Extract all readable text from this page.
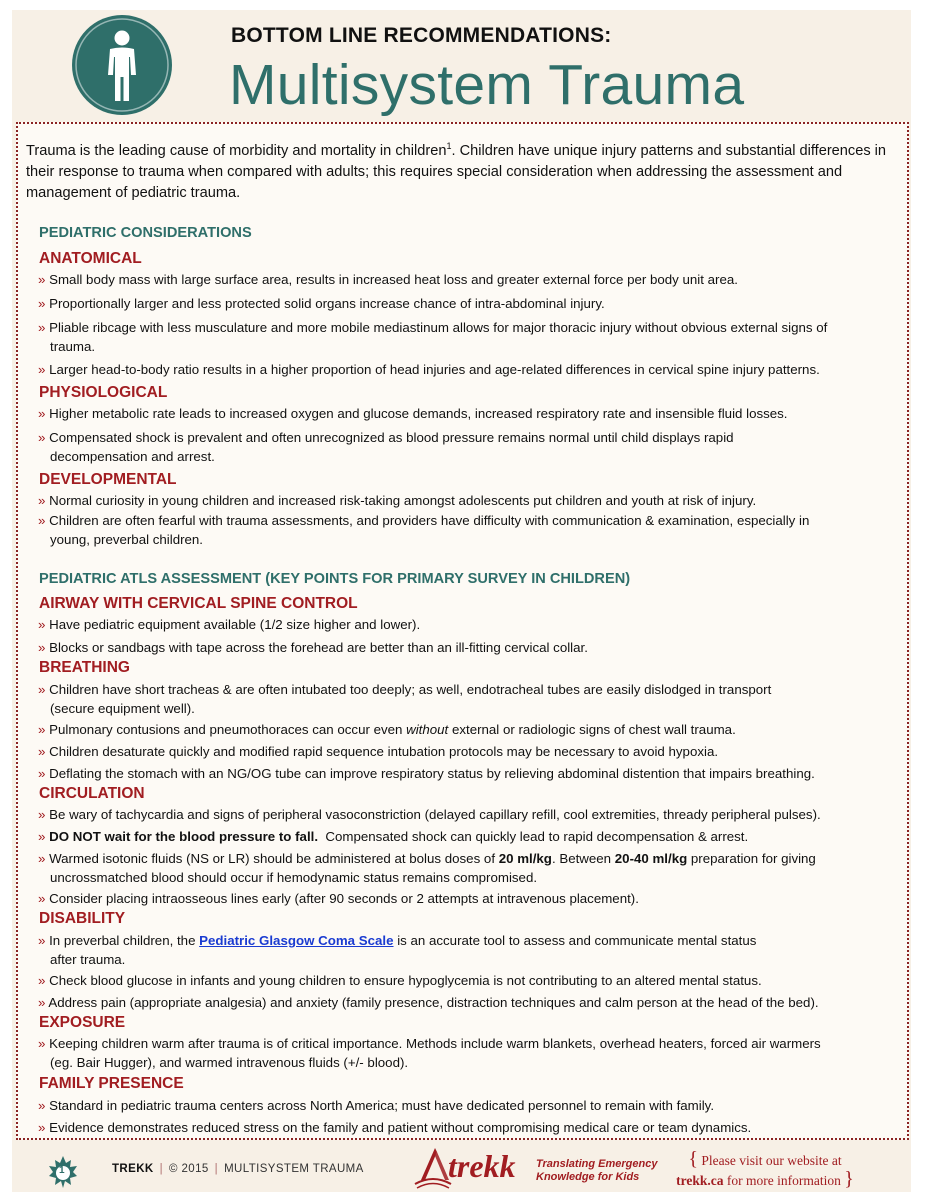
BOTTOM LINE RECOMMENDATIONS:
Multisystem Trauma
Trauma is the leading cause of morbidity and mortality in children$^1$. Children have unique injury patterns and substantial differences in their response to trauma when compared with adults; this requires special consideration when addressing the assessment and management of pediatric trauma.
PEDIATRIC CONSIDERATIONS
ANATOMICAL
» Small body mass with large surface area, results in increased heat loss and greater external force per body unit area.
» Proportionally larger and less protected solid organs increase chance of intra-abdominal injury.
» Pliable ribcage with less musculature and more mobile mediastinum allows for major thoracic injury without obvious external signs of
trauma.
» Larger head-to-body ratio results in a higher proportion of head injuries and age-related differences in cervical spine injury patterns.
PHYSIOLOGICAL
» Higher metabolic rate leads to increased oxygen and glucose demands, increased respiratory rate and insensible fluid losses.
» Compensated shock is prevalent and often unrecognized as blood pressure remains normal until child displays rapid
decompensation and arrest.
DEVELOPMENTAL
» Normal curiosity in young children and increased risk-taking amongst adolescents put children and youth at risk of injury.
» Children are often fearful with trauma assessments, and providers have difficulty with communication & examination, especially in
young, preverbal children.
PEDIATRIC ATLS ASSESSMENT (KEY POINTS FOR PRIMARY SURVEY IN CHILDREN)
AIRWAY WITH CERVICAL SPINE CONTROL
» Have pediatric equipment available (1/2 size higher and lower).
» Blocks or sandbags with tape across the forehead are better than an ill-fitting cervical collar.
BREATHING
» Children have short tracheas & are often intubated too deeply; as well, endotracheal tubes are easily dislodged in transport
(secure equipment well).
» Pulmonary contusions and pneumothoraces can occur even without external or radiologic signs of chest wall trauma.
» Children desaturate quickly and modified rapid sequence intubation protocols may be necessary to avoid hypoxia.
» Deflating the stomach with an NG/OG tube can improve respiratory status by relieving abdominal distention that impairs breathing.
CIRCULATION
» Be wary of tachycardia and signs of peripheral vasoconstriction (delayed capillary refill, cool extremities, thready peripheral pulses).
» DO NOT wait for the blood pressure to fall.  Compensated shock can quickly lead to rapid decompensation & arrest.
» Warmed isotonic fluids (NS or LR) should be administered at bolus doses of 20 ml/kg. Between 20-40 ml/kg preparation for giving
uncrossmatched blood should occur if hemodynamic status remains compromised.
» Consider placing intraosseous lines early (after 90 seconds or 2 attempts at intravenous placement).
DISABILITY
» In preverbal children, the Pediatric Glasgow Coma Scale is an accurate tool to assess and communicate mental status
after trauma.
» Check blood glucose in infants and young children to ensure hypoglycemia is not contributing to an altered mental status.
» Address pain (appropriate analgesia) and anxiety (family presence, distraction techniques and calm person at the head of the bed).
EXPOSURE
» Keeping children warm after trauma is of critical importance. Methods include warm blankets, overhead heaters, forced air warmers
(eg. Bair Hugger), and warmed intravenous fluids (+/- blood).
FAMILY PRESENCE
» Standard in pediatric trauma centers across North America; must have dedicated personnel to remain with family.
» Evidence demonstrates reduced stress on the family and patient without compromising medical care or team dynamics.
1	TREKK | © 2015 | MULTISYSTEM TRAUMA	trekk Translating Emergency
Knowledge for Kids
{ Please visit our website at
trekk.ca for more information }
